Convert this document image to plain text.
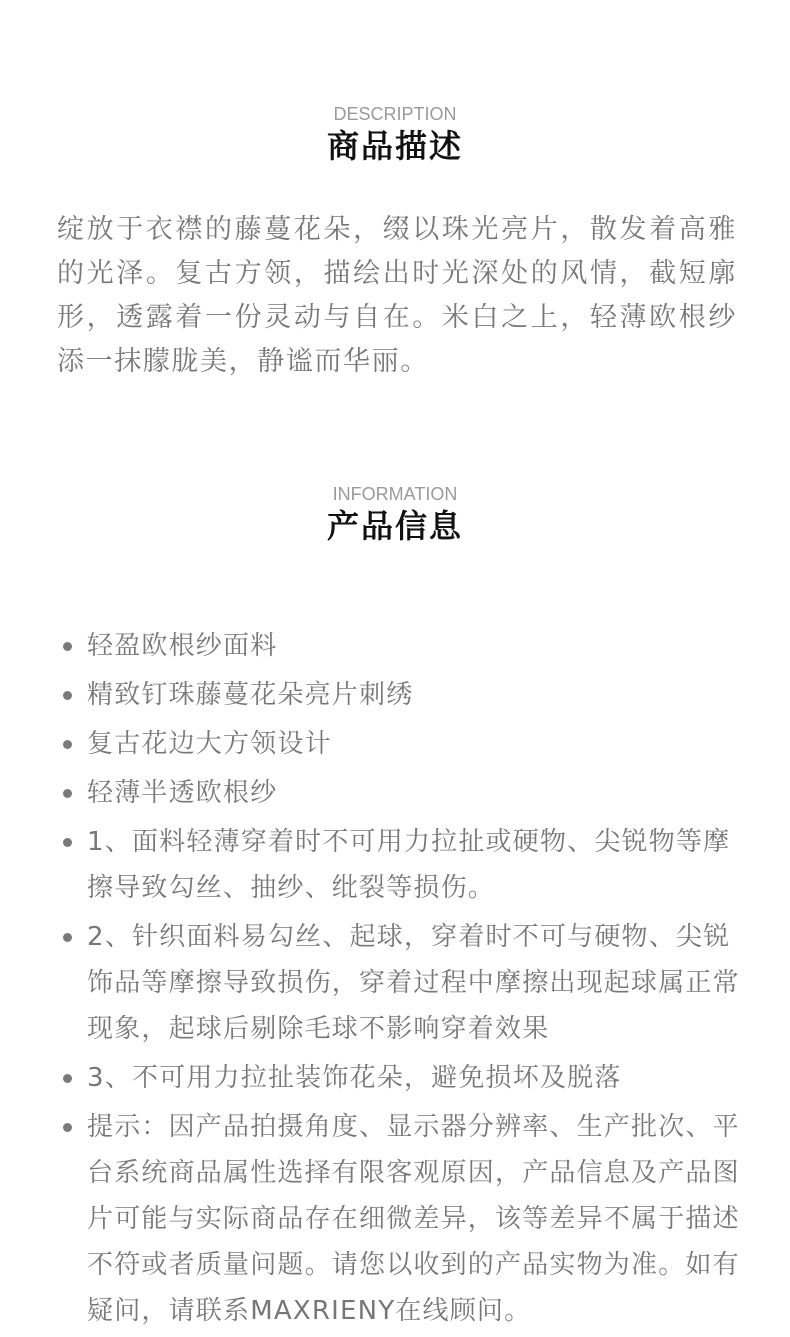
DESCRIPTION
商品描述

绽放于衣襟的藤蔓花朵，缀以珠光亮片，散发着高雅的光泽。复古方领，描绘出时光深处的风情，截短廓形，透露着一份灵动与自在。米白之上，轻薄欧根纱添一抹朦胧美，静谧而华丽。

INFORMATION
产品信息
轻盈欧根纱面料
精致钉珠藤蔓花朵亮片刺绣
复古花边大方领设计
轻薄半透欧根纱
1、面料轻薄穿着时不可用力拉扯或硬物、尖锐物等摩擦导致勾丝、抽纱、纰裂等损伤。
2、针织面料易勾丝、起球，穿着时不可与硬物、尖锐饰品等摩擦导致损伤，穿着过程中摩擦出现起球属正常现象，起球后剔除毛球不影响穿着效果
3、不可用力拉扯装饰花朵，避免损坏及脱落
提示：因产品拍摄角度、显示器分辨率、生产批次、平台系统商品属性选择有限客观原因，产品信息及产品图片可能与实际商品存在细微差异，该等差异不属于描述不符或者质量问题。请您以收到的产品实物为准。如有疑问，请联系MAXRIENY在线顾问。
